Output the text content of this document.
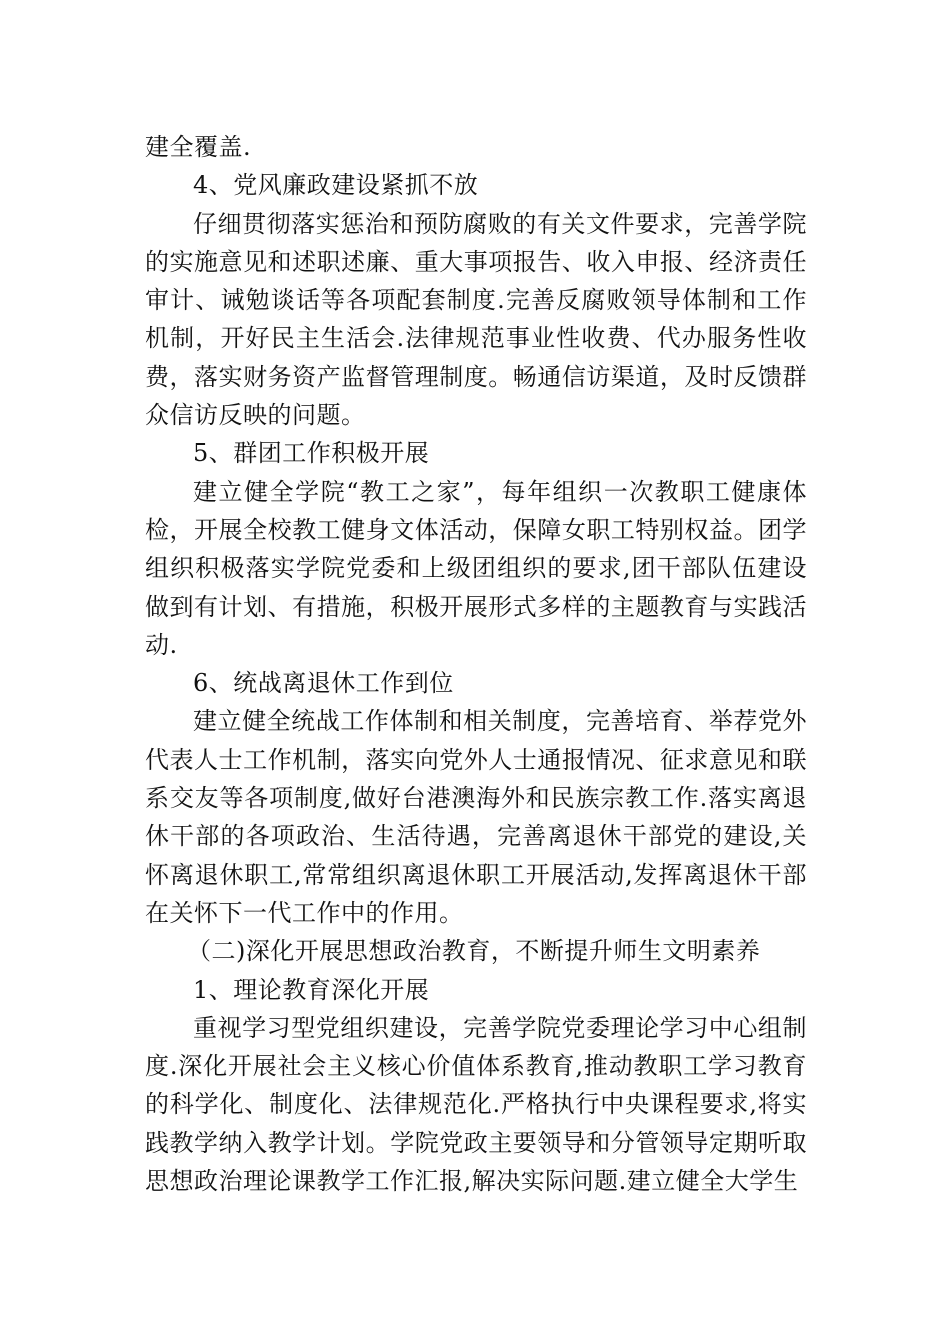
建全覆盖.

4、党风廉政建设紧抓不放

仔细贯彻落实惩治和预防腐败的有关文件要求，完善学院的实施意见和述职述廉、重大事项报告、收入申报、经济责任审计、诫勉谈话等各项配套制度.完善反腐败领导体制和工作机制，开好民主生活会.法律规范事业性收费、代办服务性收费，落实财务资产监督管理制度。畅通信访渠道，及时反馈群众信访反映的问题。

5、群团工作积极开展

建立健全学院“教工之家”，每年组织一次教职工健康体检，开展全校教工健身文体活动，保障女职工特别权益。团学组织积极落实学院党委和上级团组织的要求,团干部队伍建设做到有计划、有措施，积极开展形式多样的主题教育与实践活动.

6、统战离退休工作到位

建立健全统战工作体制和相关制度，完善培育、举荐党外代表人士工作机制，落实向党外人士通报情况、征求意见和联系交友等各项制度,做好台港澳海外和民族宗教工作.落实离退休干部的各项政治、生活待遇，完善离退休干部党的建设,关怀离退休职工,常常组织离退休职工开展活动,发挥离退休干部在关怀下一代工作中的作用。

（二)深化开展思想政治教育，不断提升师生文明素养

1、理论教育深化开展

重视学习型党组织建设，完善学院党委理论学习中心组制度.深化开展社会主义核心价值体系教育,推动教职工学习教育的科学化、制度化、法律规范化.严格执行中央课程要求,将实践教学纳入教学计划。学院党政主要领导和分管领导定期听取思想政治理论课教学工作汇报,解决实际问题.建立健全大学生
